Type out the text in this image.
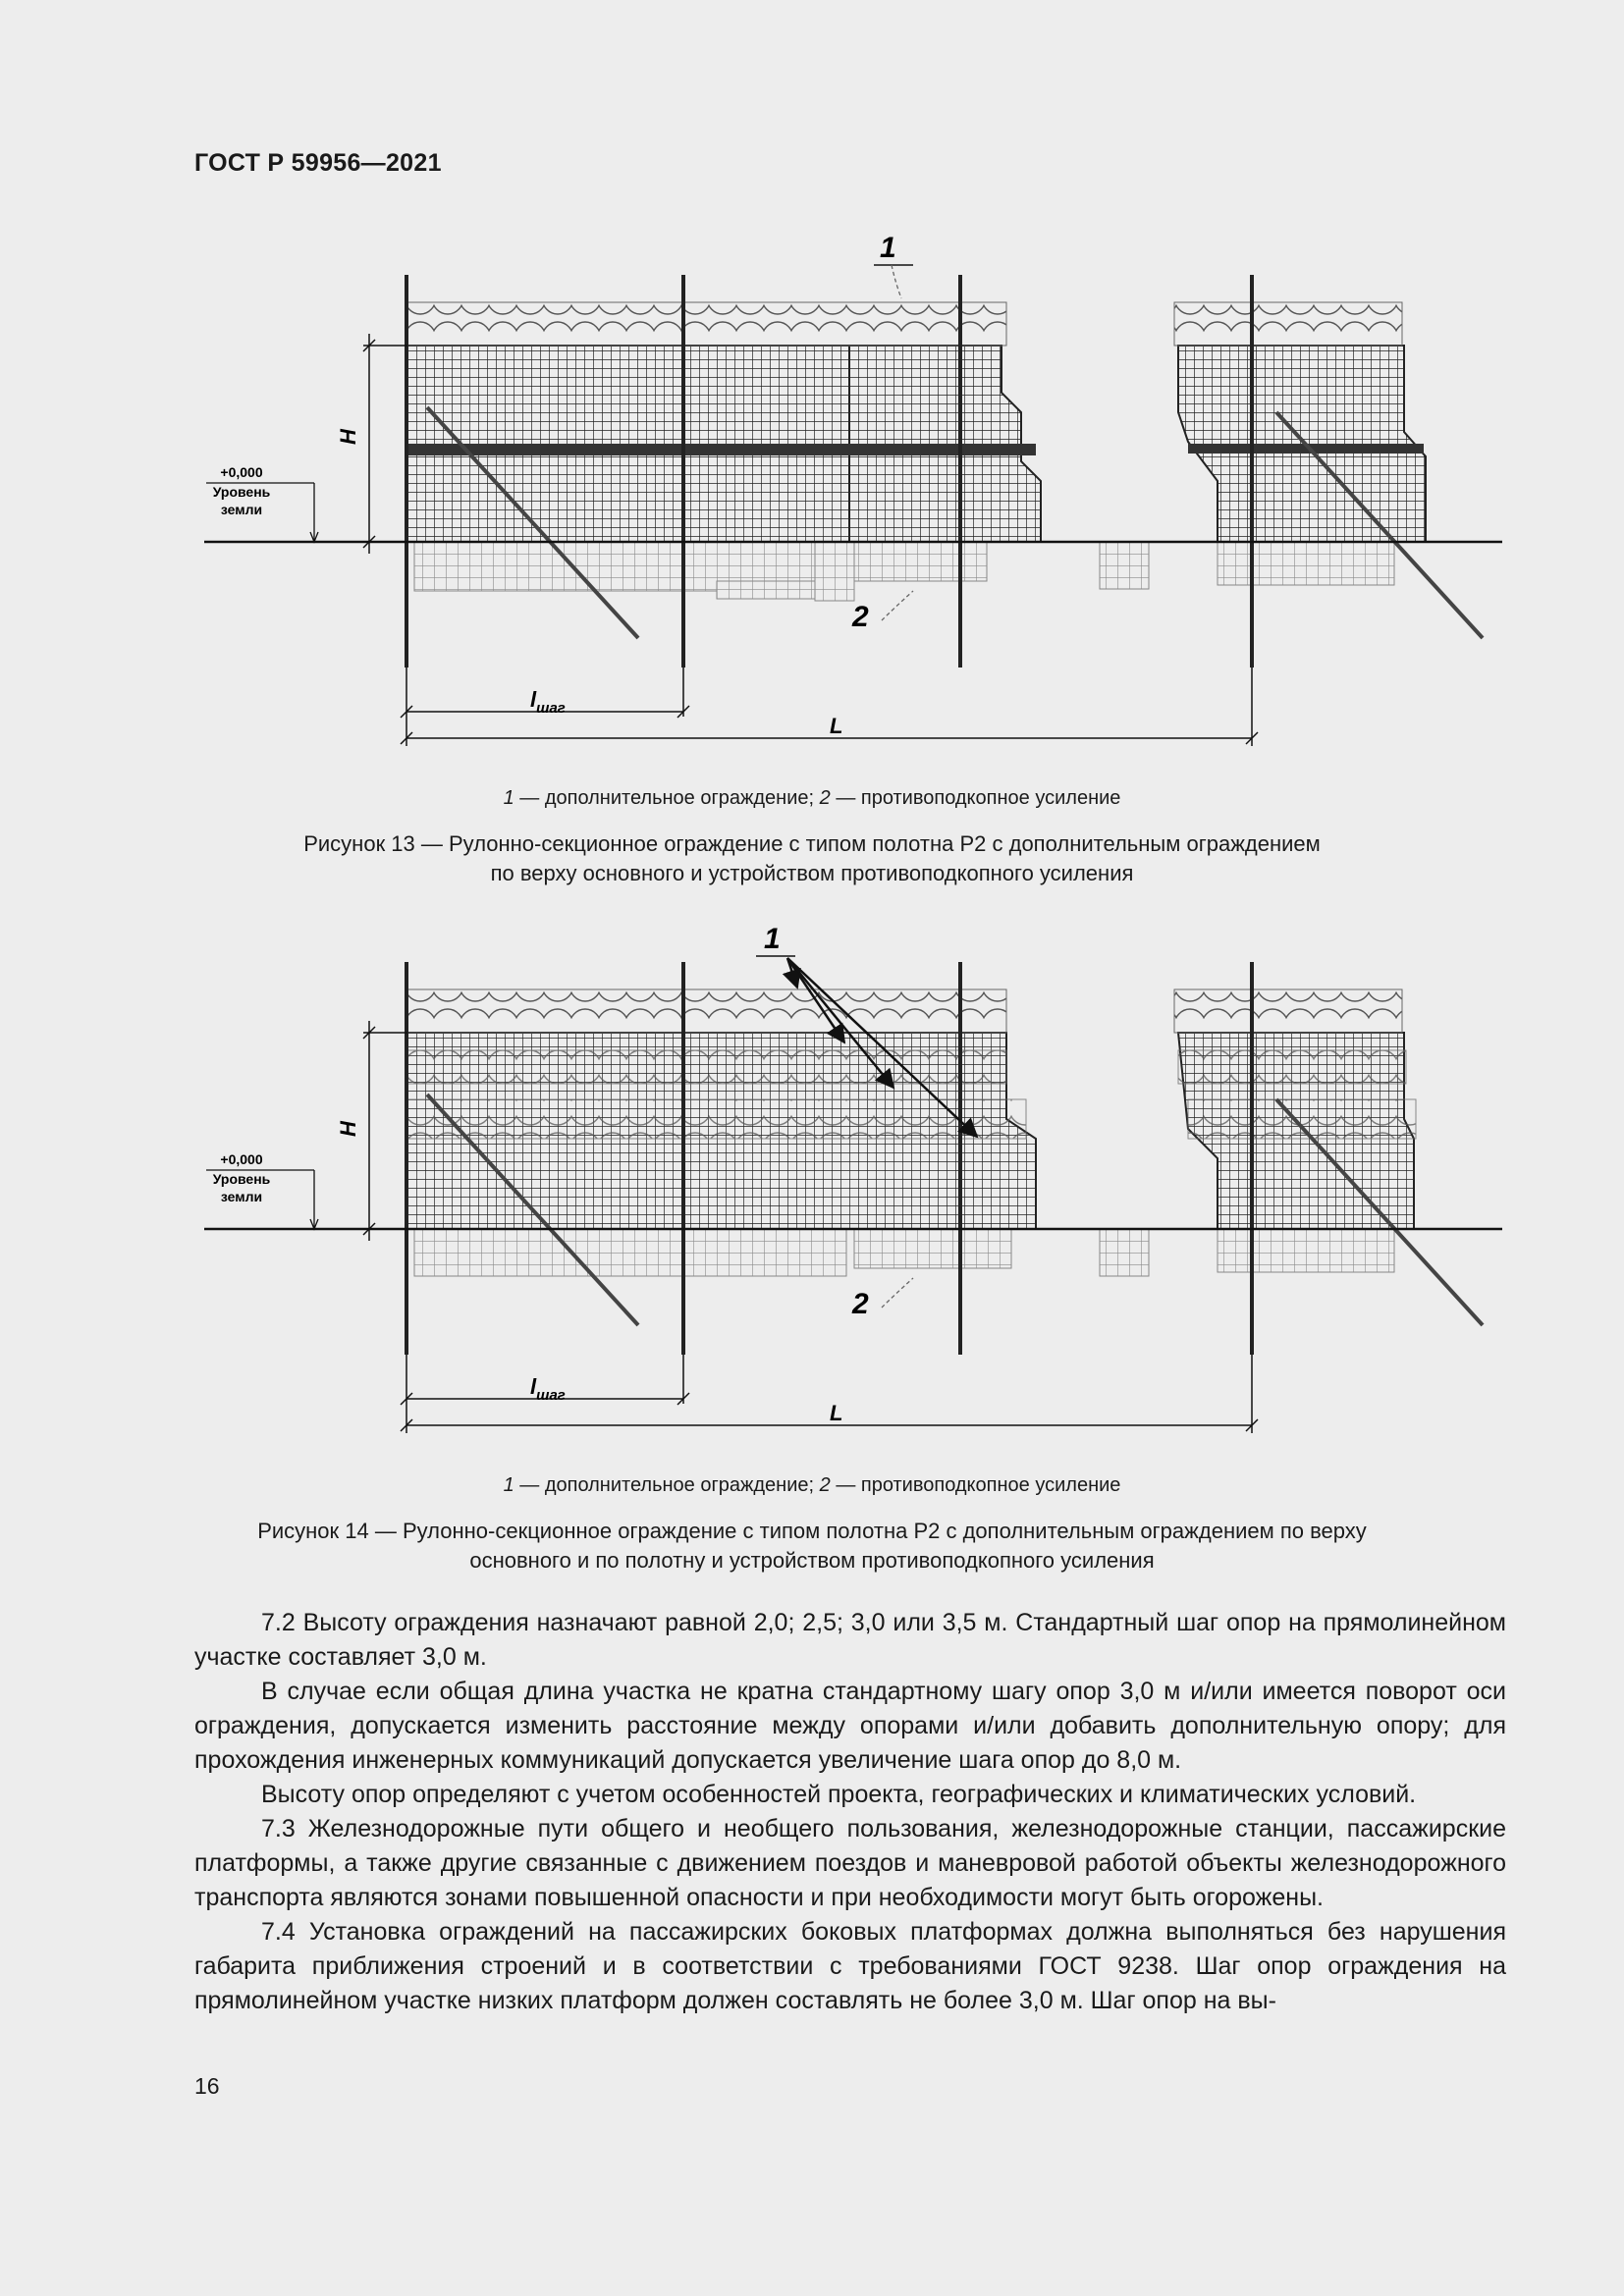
ГОСТ Р 59956—2021
H
+0,000
Уровень
земли
1
2
$l_{шаг}$
L
1 — дополнительное ограждение; 2 — противоподкопное усиление
Рисунок 13 — Рулонно-секционное ограждение с типом полотна Р2 с дополнительным ограждением
по верху основного и устройством противоподкопного усиления
H
+0,000
Уровень
земли
1
2
$l_{шаг}$
L
1 — дополнительное ограждение; 2 — противоподкопное усиление
Рисунок 14 — Рулонно-секционное ограждение с типом полотна Р2 с дополнительным ограждением по верху
основного и по полотну и устройством противоподкопного усиления

7.2 Высоту ограждения назначают равной 2,0; 2,5; 3,0 или 3,5 м. Стандартный шаг опор на прямолинейном участке составляет 3,0 м.

В случае если общая длина участка не кратна стандартному шагу опор 3,0 м и/или имеется поворот оси ограждения, допускается изменить расстояние между опорами и/или добавить дополнительную опору; для прохождения инженерных коммуникаций допускается увеличение шага опор до 8,0 м.

Высоту опор определяют с учетом особенностей проекта, географических и климатических условий.

7.3 Железнодорожные пути общего и необщего пользования, железнодорожные станции, пассажирские платформы, а также другие связанные с движением поездов и маневровой работой объекты железнодорожного транспорта являются зонами повышенной опасности и при необходимости могут быть огорожены.

7.4 Установка ограждений на пассажирских боковых платформах должна выполняться без нарушения габарита приближения строений и в соответствии с требованиями ГОСТ 9238. Шаг опор ограждения на прямолинейном участке низких платформ должен составлять не более 3,0 м. Шаг опор на вы-

16
